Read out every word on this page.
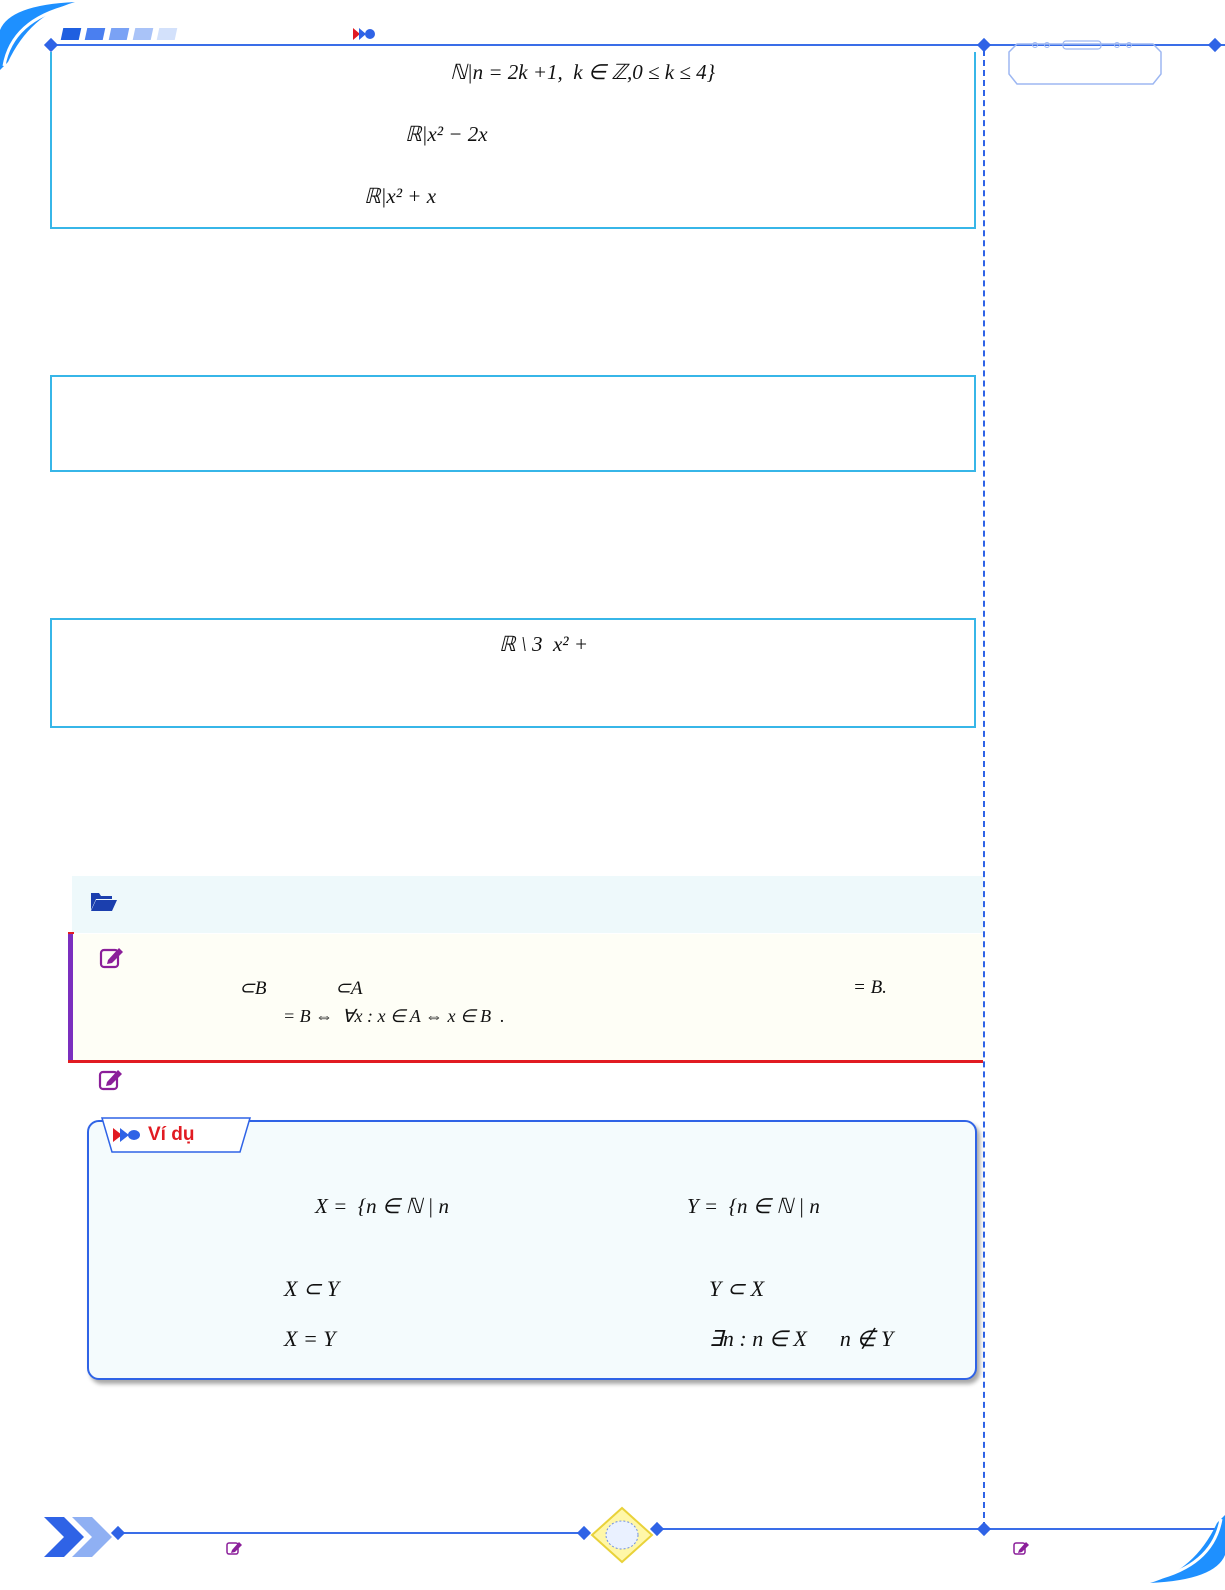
ℕ|n = 2k +1,  k ∈ ℤ,0 ≤ k ≤ 4}
ℝ|x² − 2x
ℝ|x² + x
ℝ \ 3  x² +
⊂B	⊂A	= B.
= B ⇔  ∀x : x ∈ A ⇔ x ∈ B  .
X =  {n ∈ ℕ | n	Y =  {n ∈ ℕ | n
X ⊂ Y	Y ⊂ X
X = Y	∃n : n ∈ X      n ∉ Y
Ví dụ
